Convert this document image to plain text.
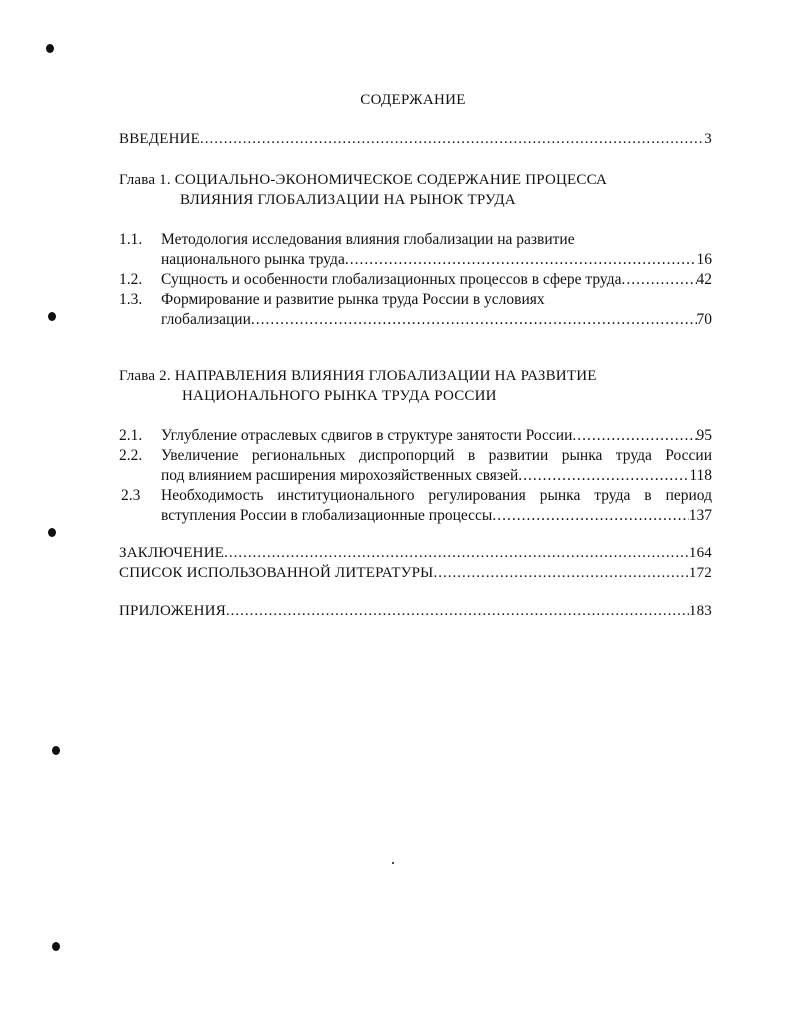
СОДЕРЖАНИЕ
ВВЕДЕНИЕ .....	3
Глава 1. СОЦИАЛЬНО-ЭКОНОМИЧЕСКОЕ СОДЕРЖАНИЕ ПРОЦЕССА
ВЛИЯНИЯ ГЛОБАЛИЗАЦИИ НА РЫНОК ТРУДА
1.1. Методология исследования влияния глобализации на развитие
национального рынка труда .....	16
1.2. Сущность и особенности глобализационных процессов в сфере труда .....	42
1.3. Формирование и развитие рынка труда России в условиях
глобализации .....	70
Глава 2. НАПРАВЛЕНИЯ ВЛИЯНИЯ ГЛОБАЛИЗАЦИИ НА РАЗВИТИЕ
НАЦИОНАЛЬНОГО РЫНКА ТРУДА РОССИИ
2.1. Углубление отраслевых сдвигов в структуре занятости России .....	95
2.2. Увеличение региональных диспропорций в развитии рынка труда России
под влиянием расширения мирохозяйственных связей .....	118
2.3 Необходимость институционального регулирования рынка труда в период
вступления России в глобализационные процессы .....	137
ЗАКЛЮЧЕНИЕ .....	164
СПИСОК ИСПОЛЬЗОВАННОЙ ЛИТЕРАТУРЫ .....	172
ПРИЛОЖЕНИЯ .....	183
